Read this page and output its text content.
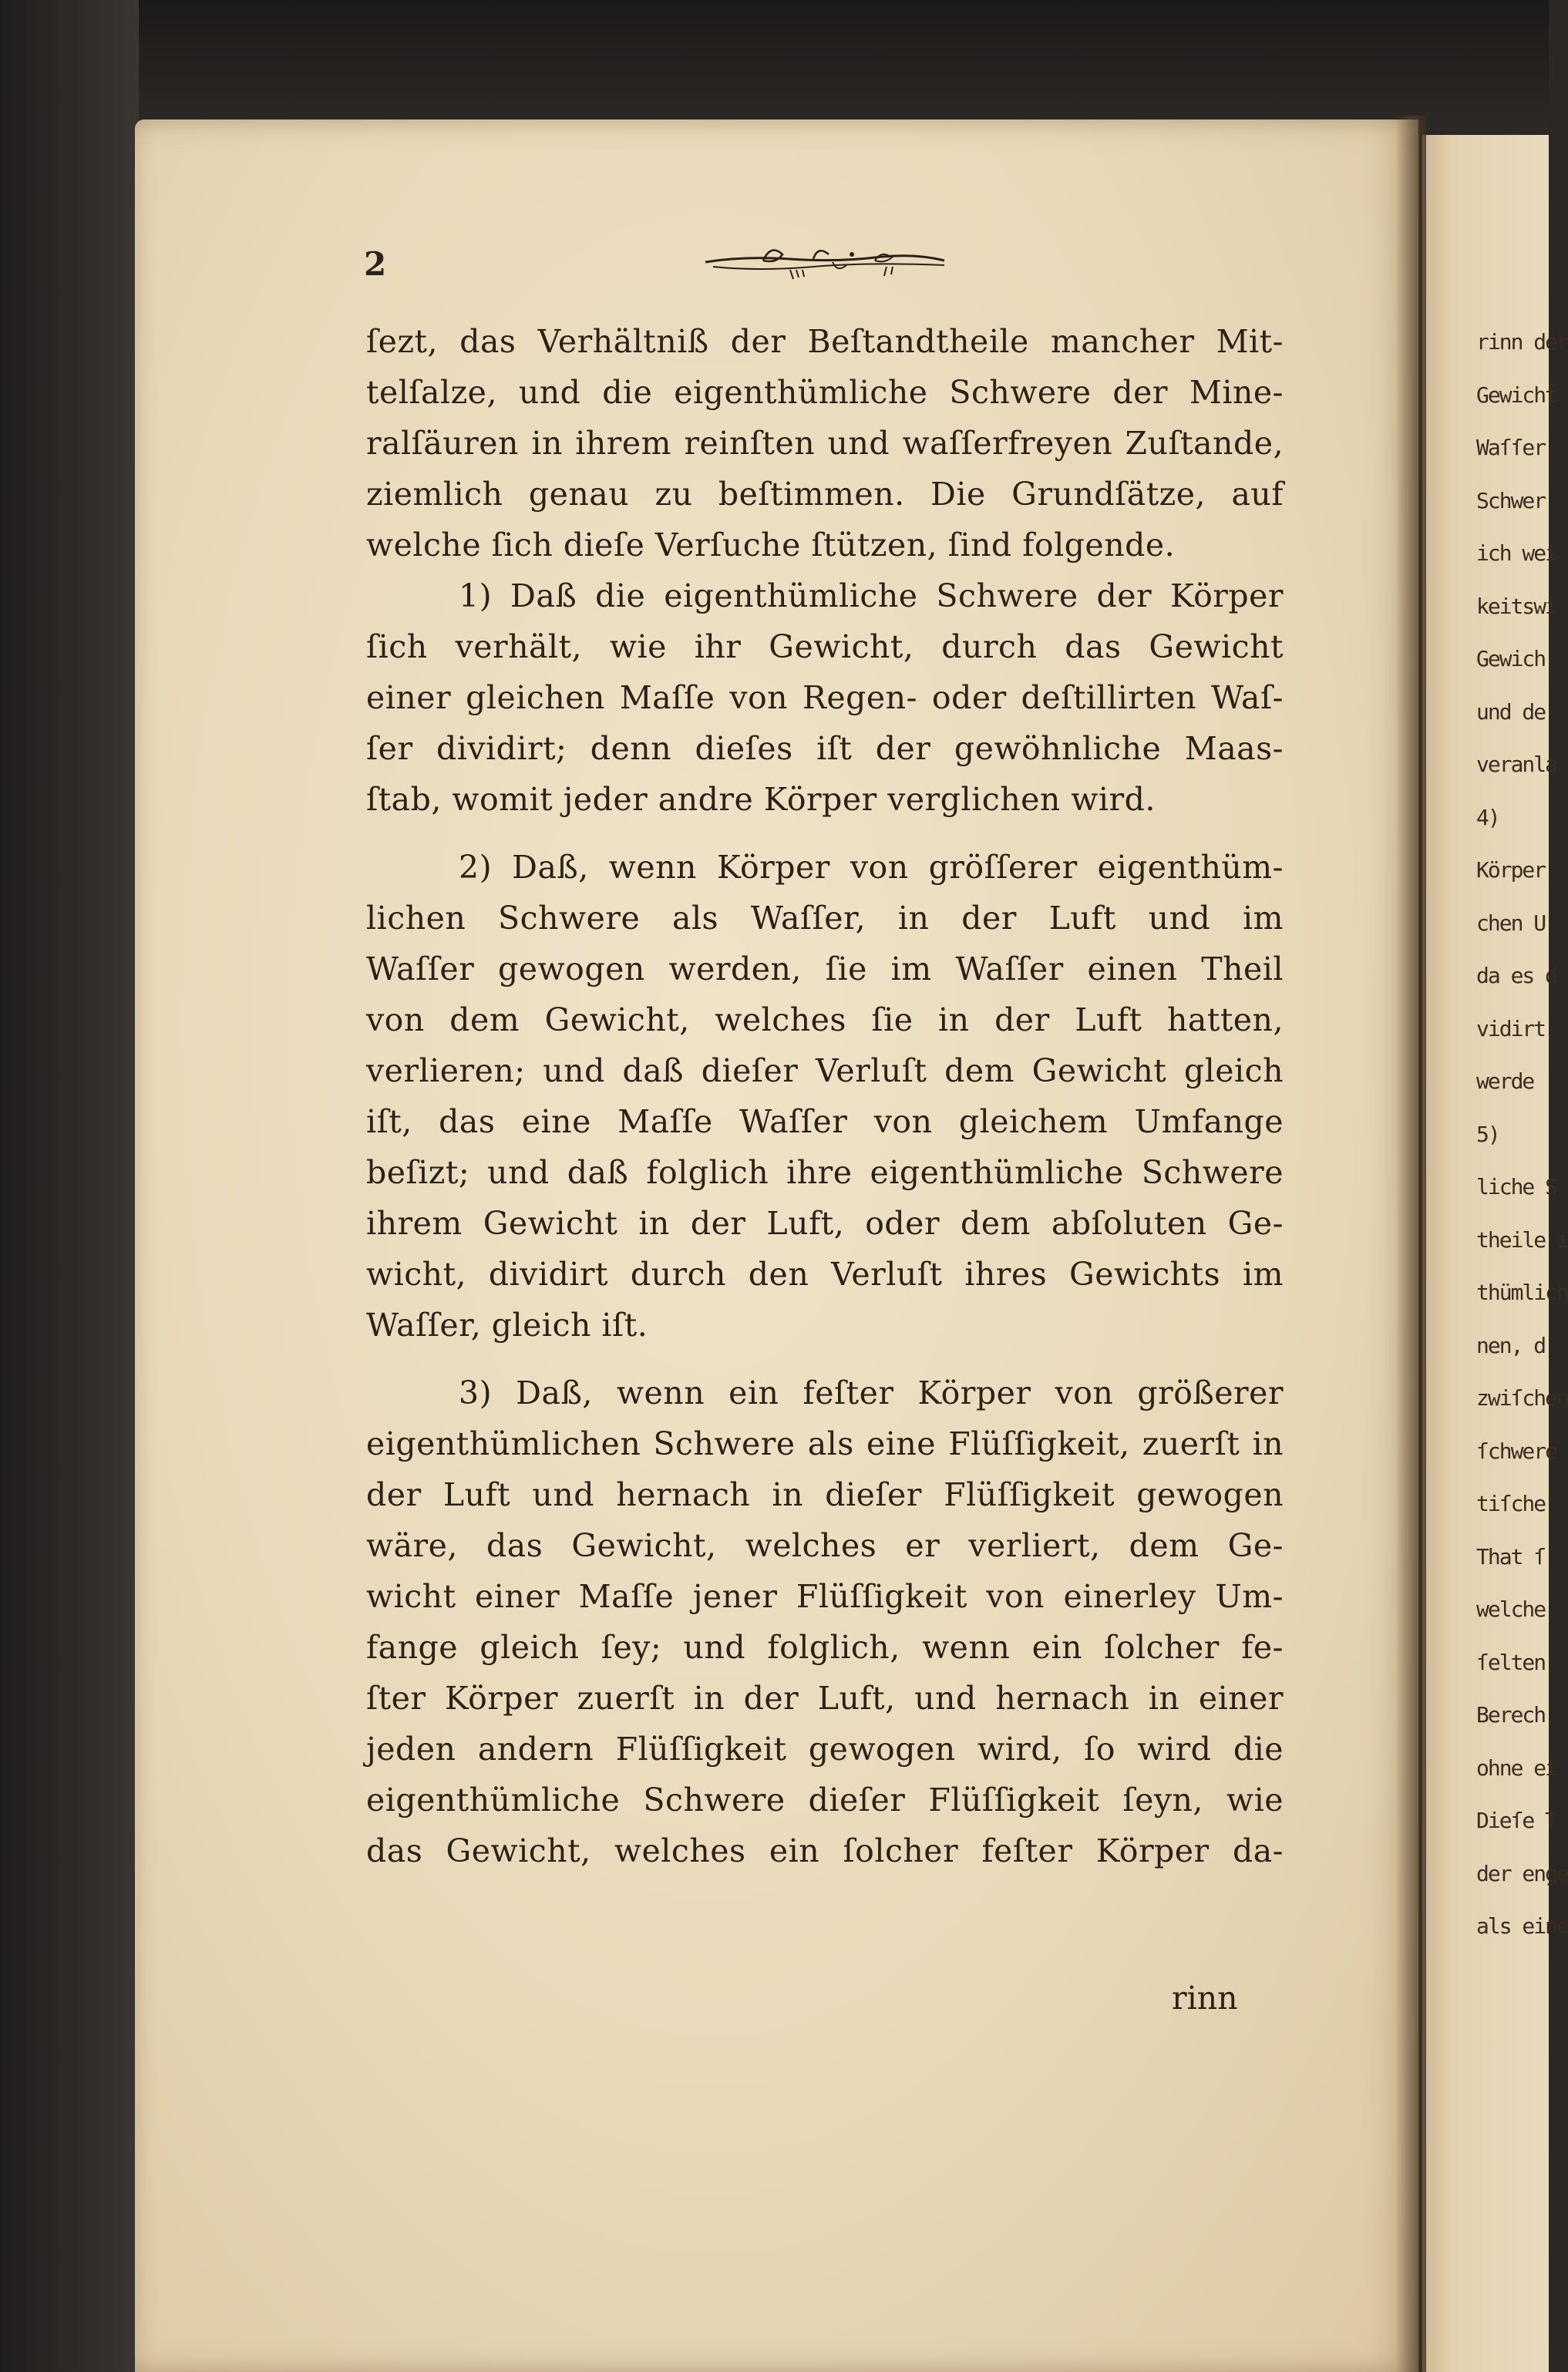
2
ſezt, das Verhältniß der Beſtandtheile mancher Mit-
telſalze, und die eigenthümliche Schwere der Mine-
ralſäuren in ihrem reinſten und waſſerfreyen Zuſtande,
ziemlich genau zu beſtimmen. Die Grundſätze, auf
welche ſich dieſe Verſuche ſtützen, ſind folgende.
1) Daß die eigenthümliche Schwere der Körper
ſich verhält, wie ihr Gewicht, durch das Gewicht
einer gleichen Maſſe von Regen- oder deſtillirten Waſ-
ſer dividirt; denn dieſes iſt der gewöhnliche Maas-
ſtab, womit jeder andre Körper verglichen wird.
2) Daß, wenn Körper von gröſſerer eigenthüm-
lichen Schwere als Waſſer, in der Luft und im
Waſſer gewogen werden, ſie im Waſſer einen Theil
von dem Gewicht, welches ſie in der Luft hatten,
verlieren; und daß dieſer Verluſt dem Gewicht gleich
iſt, das eine Maſſe Waſſer von gleichem Umfange
beſizt; und daß folglich ihre eigenthümliche Schwere
ihrem Gewicht in der Luft, oder dem abſoluten Ge-
wicht, dividirt durch den Verluſt ihres Gewichts im
Waſſer, gleich iſt.
3) Daß, wenn ein feſter Körper von größerer
eigenthümlichen Schwere als eine Flüſſigkeit, zuerſt in
der Luft und hernach in dieſer Flüſſigkeit gewogen
wäre, das Gewicht, welches er verliert, dem Ge-
wicht einer Maſſe jener Flüſſigkeit von einerley Um-
fange gleich ſey; und folglich, wenn ein ſolcher fe-
ſter Körper zuerſt in der Luft, und hernach in einer
jeden andern Flüſſigkeit gewogen wird, ſo wird die
eigenthümliche Schwere dieſer Flüſſigkeit ſeyn, wie
das Gewicht, welches ein ſolcher feſter Körper da-
rinn
rinn der
Gewicht
Waſſer
Schwer
ich wei
keitswi
Gewich
und de
veranla
4)
Körper
chen U
da es d
vidirt
werde
5)
liche S
theile i
thümlich
nen, d
zwiſchen
ſchwere
tiſche
That ſ
welche
ſelten
Berech
ohne ei
Dieſe T
der enge
als eine
